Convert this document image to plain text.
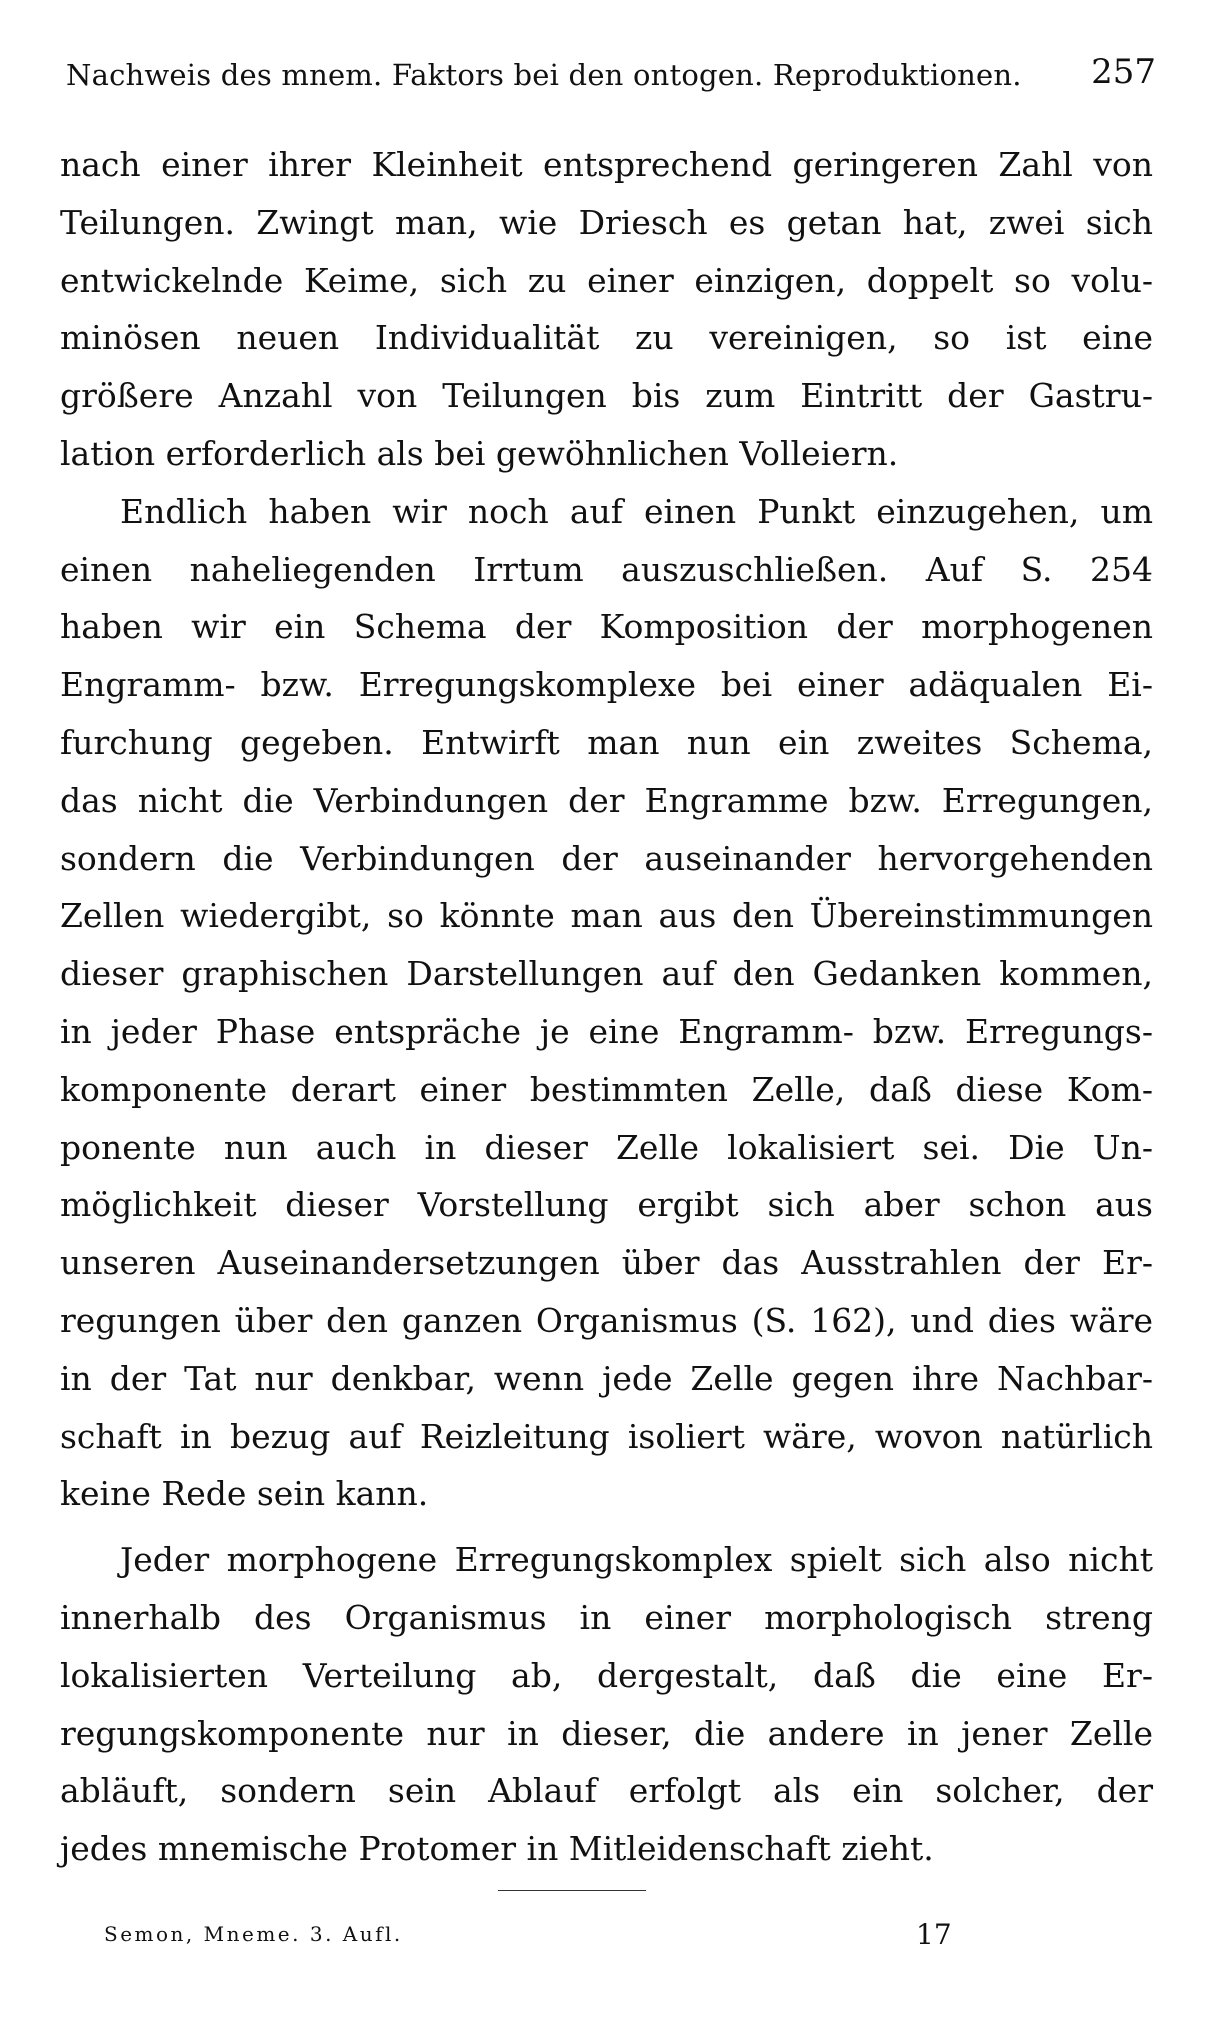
Nachweis des mnem. Faktors bei den ontogen. Reproduktionen. 257
nach einer ihrer Kleinheit entsprechend geringeren Zahl von
Teilungen. Zwingt man, wie Driesch es getan hat, zwei sich
entwickelnde Keime, sich zu einer einzigen, doppelt so volu-
minösen neuen Individualität zu vereinigen, so ist eine
größere Anzahl von Teilungen bis zum Eintritt der Gastru-
lation erforderlich als bei gewöhnlichen Volleiern.
Endlich haben wir noch auf einen Punkt einzugehen, um
einen naheliegenden Irrtum auszuschließen. Auf S. 254
haben wir ein Schema der Komposition der morphogenen
Engramm- bzw. Erregungskomplexe bei einer adäqualen Ei-
furchung gegeben. Entwirft man nun ein zweites Schema,
das nicht die Verbindungen der Engramme bzw. Erregungen,
sondern die Verbindungen der auseinander hervorgehenden
Zellen wiedergibt, so könnte man aus den Übereinstimmungen
dieser graphischen Darstellungen auf den Gedanken kommen,
in jeder Phase entspräche je eine Engramm- bzw. Erregungs-
komponente derart einer bestimmten Zelle, daß diese Kom-
ponente nun auch in dieser Zelle lokalisiert sei. Die Un-
möglichkeit dieser Vorstellung ergibt sich aber schon aus
unseren Auseinandersetzungen über das Ausstrahlen der Er-
regungen über den ganzen Organismus (S. 162), und dies wäre
in der Tat nur denkbar, wenn jede Zelle gegen ihre Nachbar-
schaft in bezug auf Reizleitung isoliert wäre, wovon natürlich
keine Rede sein kann.
Jeder morphogene Erregungskomplex spielt sich also nicht
innerhalb des Organismus in einer morphologisch streng
lokalisierten Verteilung ab, dergestalt, daß die eine Er-
regungskomponente nur in dieser, die andere in jener Zelle
abläuft, sondern sein Ablauf erfolgt als ein solcher, der
jedes mnemische Protomer in Mitleidenschaft zieht.
Semon, Mneme. 3. Aufl.	17
